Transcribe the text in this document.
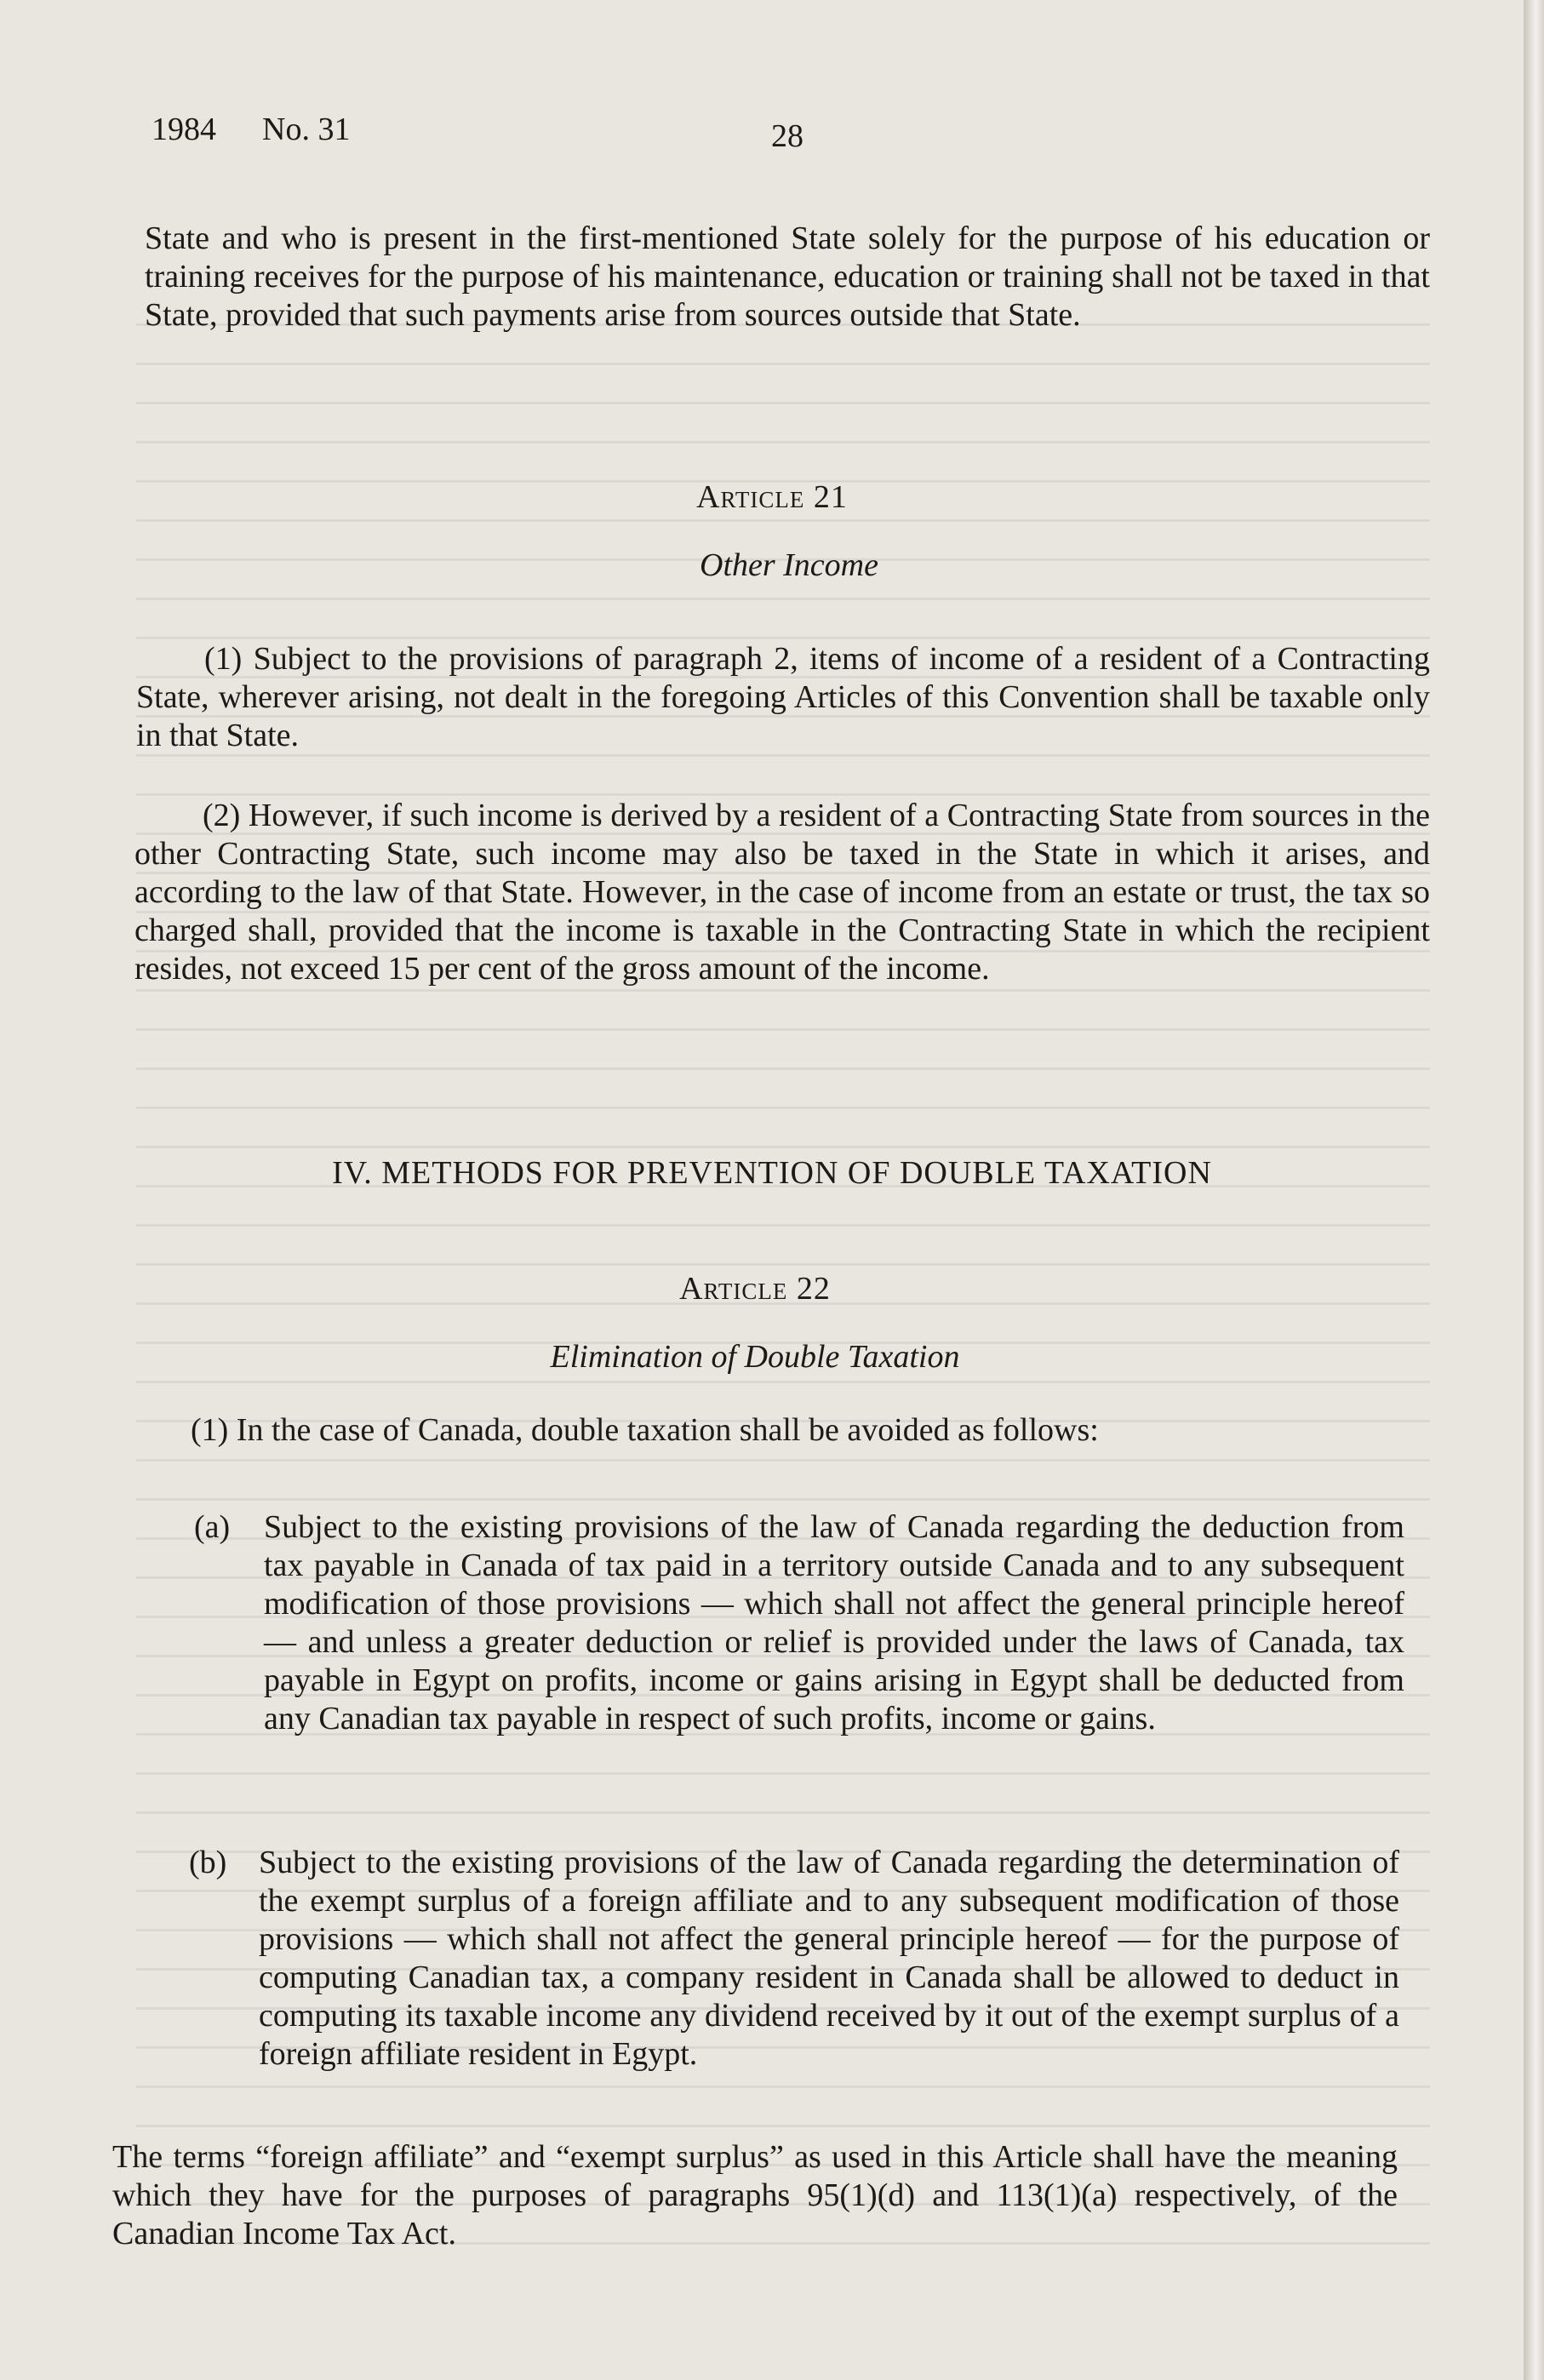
1984 No. 31	28

State and who is present in the first-mentioned State solely for the purpose of his education or training receives for the purpose of his maintenance, education or training shall not be taxed in that State, provided that such payments arise from sources outside that State.

Article 21
Other Income

(1) Subject to the provisions of paragraph 2, items of income of a resident of a Contracting State, wherever arising, not dealt in the foregoing Articles of this Convention shall be taxable only in that State.

(2) However, if such income is derived by a resident of a Contracting State from sources in the other Contracting State, such income may also be taxed in the State in which it arises, and according to the law of that State. However, in the case of income from an estate or trust, the tax so charged shall, provided that the income is taxable in the Contracting State in which the recipient resides, not exceed 15 per cent of the gross amount of the income.

IV. METHODS FOR PREVENTION OF DOUBLE TAXATION
Article 22
Elimination of Double Taxation

(1) In the case of Canada, double taxation shall be avoided as follows:

(a) Subject to the existing provisions of the law of Canada regarding the deduction from tax payable in Canada of tax paid in a territory outside Canada and to any subsequent modification of those provisions — which shall not affect the general principle hereof — and unless a greater deduction or relief is provided under the laws of Canada, tax payable in Egypt on profits, income or gains arising in Egypt shall be deducted from any Canadian tax payable in respect of such profits, income or gains.

(b) Subject to the existing provisions of the law of Canada regarding the determination of the exempt surplus of a foreign affiliate and to any subsequent modification of those provisions — which shall not affect the general principle hereof — for the purpose of computing Canadian tax, a company resident in Canada shall be allowed to deduct in computing its taxable income any dividend received by it out of the exempt surplus of a foreign affiliate resident in Egypt.

The terms “foreign affiliate” and “exempt surplus” as used in this Article shall have the meaning which they have for the purposes of paragraphs 95(1)(d) and 113(1)(a) respectively, of the Canadian Income Tax Act.
